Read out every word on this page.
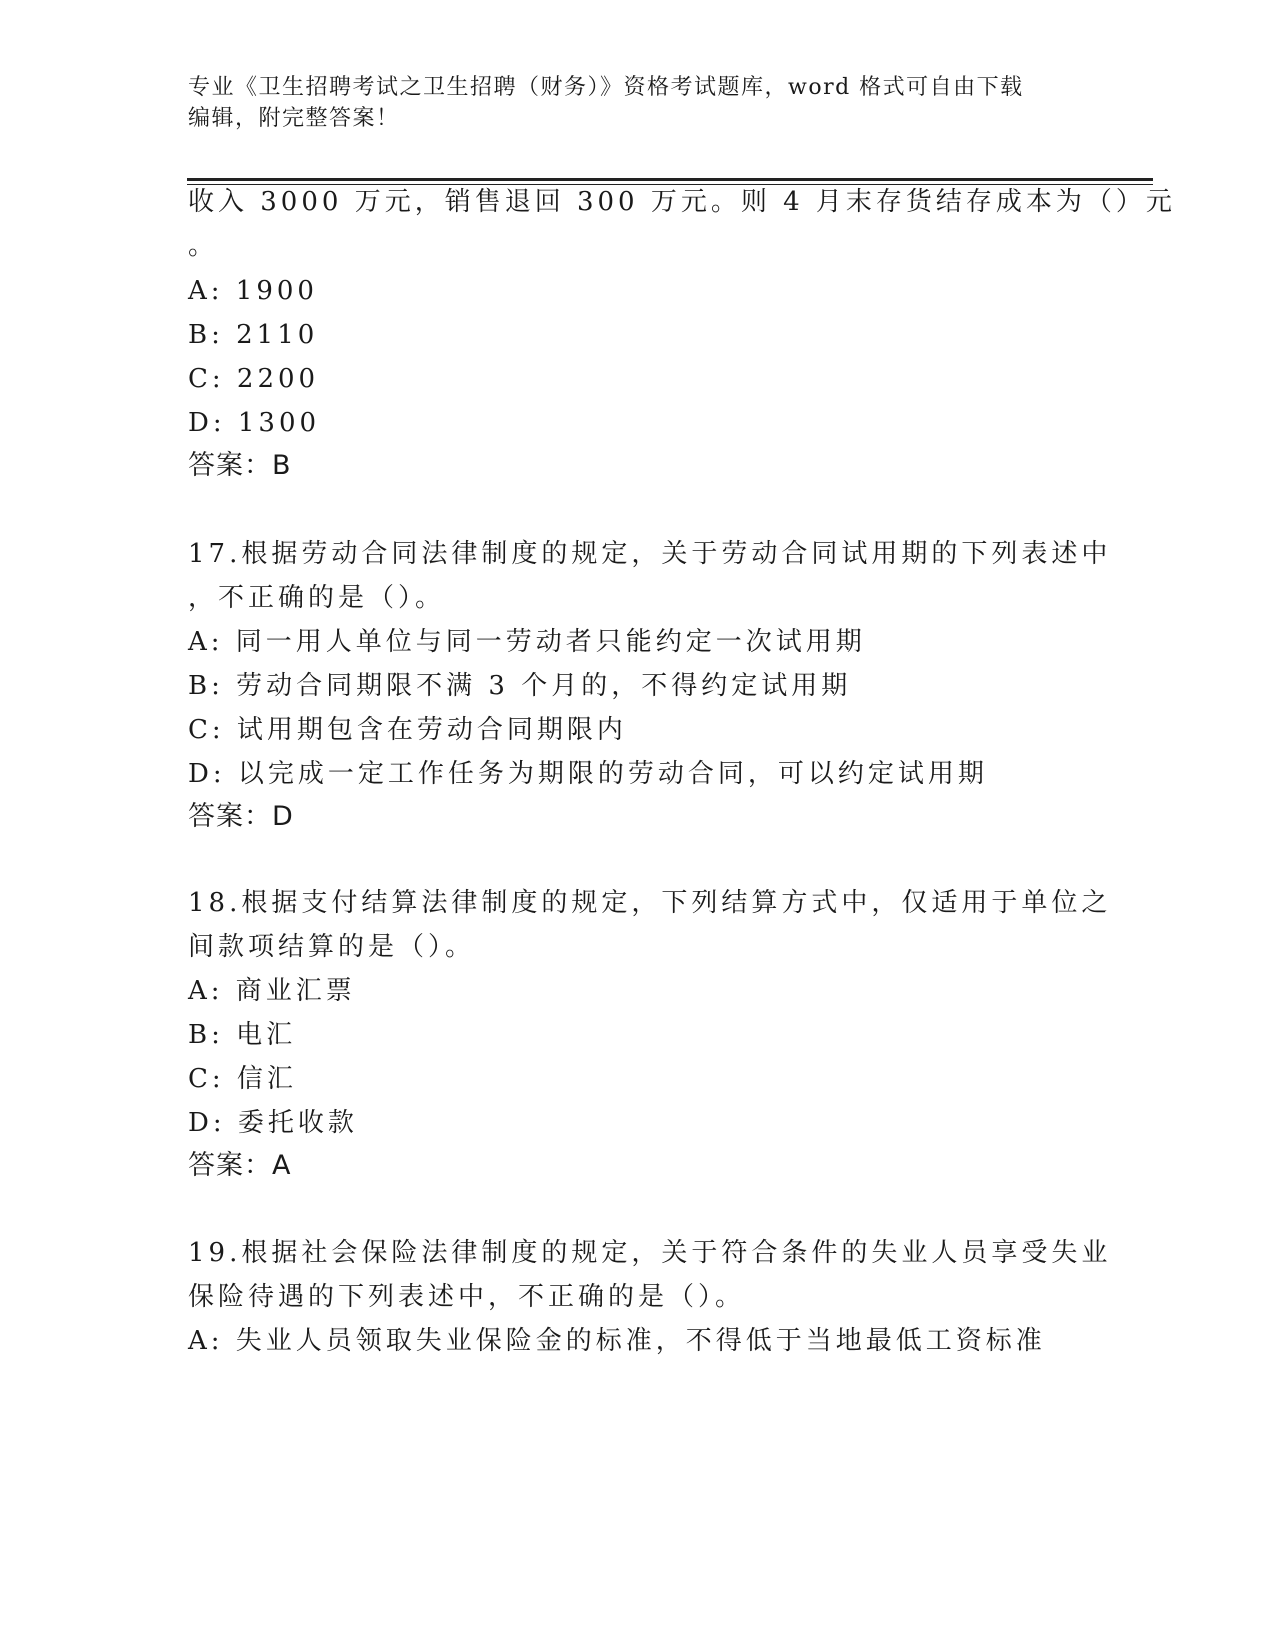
专业《卫生招聘考试之卫生招聘（财务）》资格考试题库，word 格式可自由下载
编辑，附完整答案！
收入 3000 万元，销售退回 300 万元。则 4 月末存货结存成本为（）元
。
A: 1900
B: 2110
C: 2200
D: 1300
答案：B
17.根据劳动合同法律制度的规定，关于劳动合同试用期的下列表述中
，不正确的是（）。
A: 同一用人单位与同一劳动者只能约定一次试用期
B: 劳动合同期限不满 3 个月的，不得约定试用期
C: 试用期包含在劳动合同期限内
D: 以完成一定工作任务为期限的劳动合同，可以约定试用期
答案：D
18.根据支付结算法律制度的规定，下列结算方式中，仅适用于单位之
间款项结算的是（）。
A: 商业汇票
B: 电汇
C: 信汇
D: 委托收款
答案：A
19.根据社会保险法律制度的规定，关于符合条件的失业人员享受失业
保险待遇的下列表述中，不正确的是（）。
A: 失业人员领取失业保险金的标准，不得低于当地最低工资标准
